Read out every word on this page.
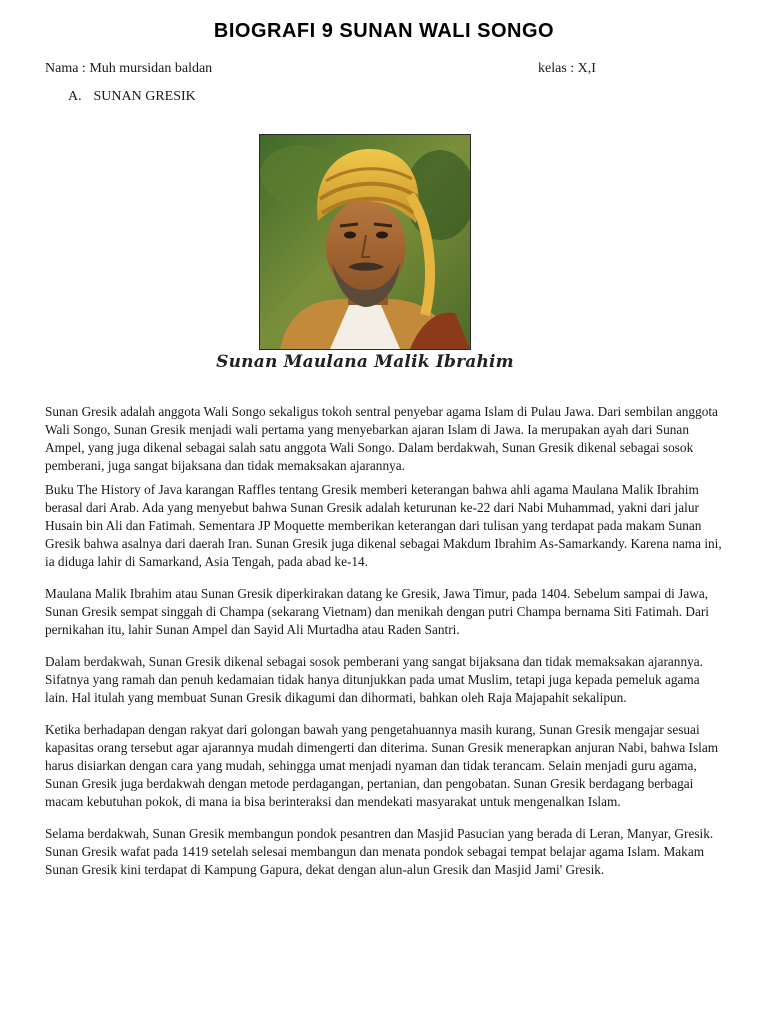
BIOGRAFI 9 SUNAN WALI SONGO
Nama : Muh mursidan baldan	kelas : X,I
A. SUNAN GRESIK
Sunan Maulana Malik Ibrahim

Sunan Gresik adalah anggota Wali Songo sekaligus tokoh sentral penyebar agama Islam di Pulau Jawa. Dari sembilan anggota Wali Songo, Sunan Gresik menjadi wali pertama yang menyebarkan ajaran Islam di Jawa. Ia merupakan ayah dari Sunan Ampel, yang juga dikenal sebagai salah satu anggota Wali Songo. Dalam berdakwah, Sunan Gresik dikenal sebagai sosok pemberani, juga sangat bijaksana dan tidak memaksakan ajarannya.

Buku The History of Java karangan Raffles tentang Gresik memberi keterangan bahwa ahli agama Maulana Malik Ibrahim berasal dari Arab. Ada yang menyebut bahwa Sunan Gresik adalah keturunan ke-22 dari Nabi Muhammad, yakni dari jalur Husain bin Ali dan Fatimah. Sementara JP Moquette memberikan keterangan dari tulisan yang terdapat pada makam Sunan Gresik bahwa asalnya dari daerah Iran. Sunan Gresik juga dikenal sebagai Makdum Ibrahim As-Samarkandy. Karena nama ini, ia diduga lahir di Samarkand, Asia Tengah, pada abad ke-14.

Maulana Malik Ibrahim atau Sunan Gresik diperkirakan datang ke Gresik, Jawa Timur, pada 1404. Sebelum sampai di Jawa, Sunan Gresik sempat singgah di Champa (sekarang Vietnam) dan menikah dengan putri Champa bernama Siti Fatimah. Dari pernikahan itu, lahir Sunan Ampel dan Sayid Ali Murtadha atau Raden Santri.

Dalam berdakwah, Sunan Gresik dikenal sebagai sosok pemberani yang sangat bijaksana dan tidak memaksakan ajarannya. Sifatnya yang ramah dan penuh kedamaian tidak hanya ditunjukkan pada umat Muslim, tetapi juga kepada pemeluk agama lain. Hal itulah yang membuat Sunan Gresik dikagumi dan dihormati, bahkan oleh Raja Majapahit sekalipun.

Ketika berhadapan dengan rakyat dari golongan bawah yang pengetahuannya masih kurang, Sunan Gresik mengajar sesuai kapasitas orang tersebut agar ajarannya mudah dimengerti dan diterima. Sunan Gresik menerapkan anjuran Nabi, bahwa Islam harus disiarkan dengan cara yang mudah, sehingga umat menjadi nyaman dan tidak terancam. Selain menjadi guru agama, Sunan Gresik juga berdakwah dengan metode perdagangan, pertanian, dan pengobatan. Sunan Gresik berdagang berbagai macam kebutuhan pokok, di mana ia bisa berinteraksi dan mendekati masyarakat untuk mengenalkan Islam.

Selama berdakwah, Sunan Gresik membangun pondok pesantren dan Masjid Pasucian yang berada di Leran, Manyar, Gresik. Sunan Gresik wafat pada 1419 setelah selesai membangun dan menata pondok sebagai tempat belajar agama Islam. Makam Sunan Gresik kini terdapat di Kampung Gapura, dekat dengan alun-alun Gresik dan Masjid Jami' Gresik.
